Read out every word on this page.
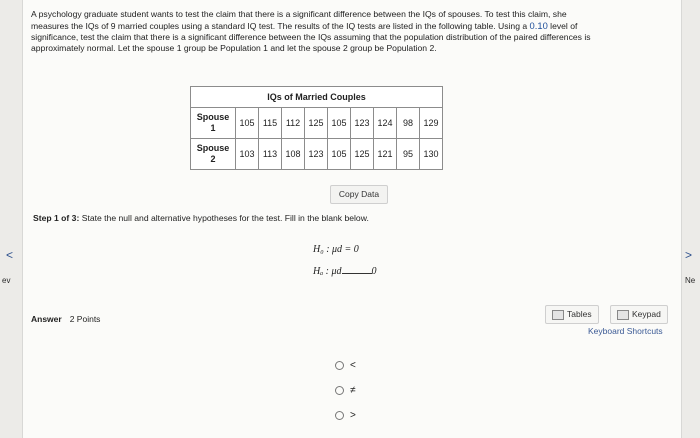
A psychology graduate student wants to test the claim that there is a significant difference between the IQs of spouses. To test this claim, she
measures the IQs of 9 married couples using a standard IQ test. The results of the IQ tests are listed in the following table. Using a 0.10 level of
significance, test the claim that there is a significant difference between the IQs assuming that the population distribution of the paired differences is
approximately normal. Let the spouse 1 group be Population 1 and let the spouse 2 group be Population 2.
IQs of Married Couples									
Spouse
1	105	115	112	125	105	123	124	98	129
Spouse
2	103	113	108	123	105	125	121	95	130
Copy Data
Step 1 of 3: State the null and alternative hypotheses for the test. Fill in the blank below.
H₀ : μd = 0
Hₐ : μd	0
Answer 2 Points	Tables	Keypad
Keyboard Shortcuts
<
≠
>
<
ev
>
Ne
